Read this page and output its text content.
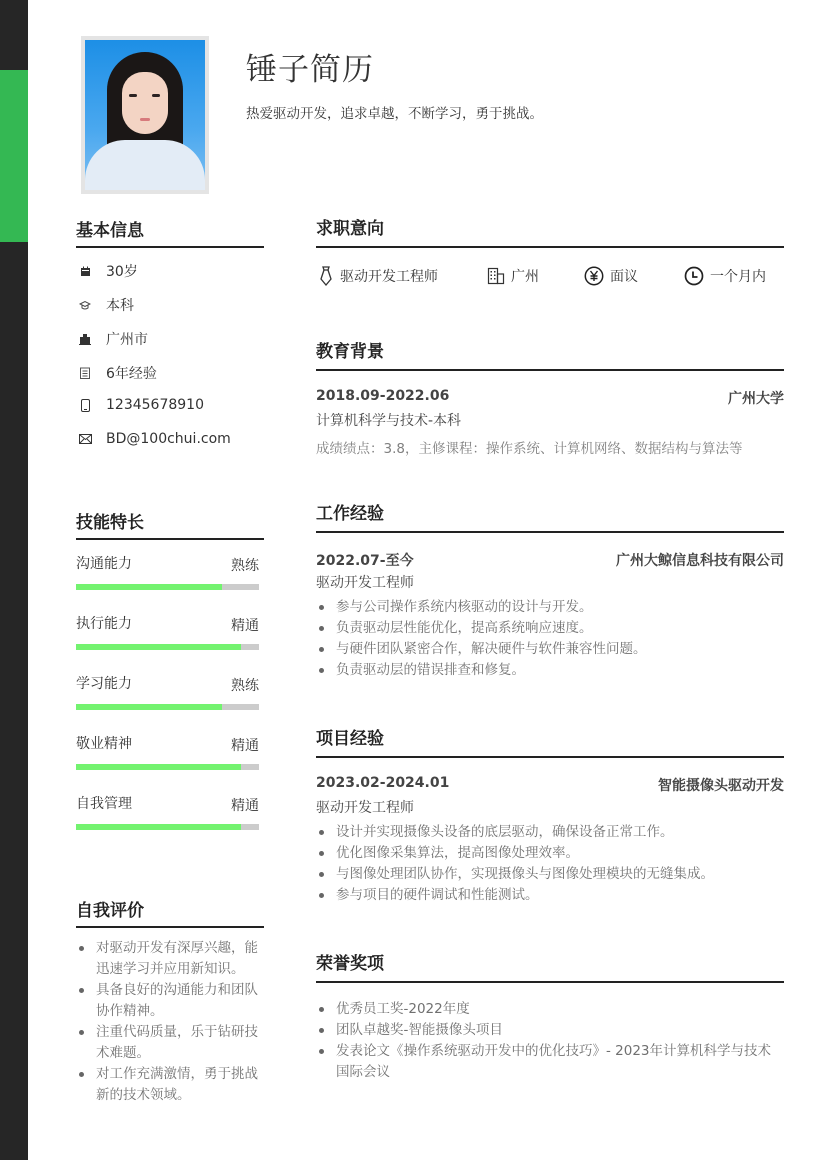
锤子简历
热爱驱动开发，追求卓越，不断学习，勇于挑战。
基本信息
30岁
本科
广州市
6年经验
12345678910
BD@100chui.com
技能特长
沟通能力	熟练
执行能力	精通
学习能力	熟练
敬业精神	精通
自我管理	精通
自我评价
对驱动开发有深厚兴趣，能迅速学习并应用新知识。
具备良好的沟通能力和团队协作精神。
注重代码质量，乐于钻研技术难题。
对工作充满激情，勇于挑战新的技术领域。
求职意向
驱动开发工程师	广州	面议	一个月内
教育背景
2018.09-2022.06	广州大学
计算机科学与技术-本科
成绩绩点：3.8，主修课程：操作系统、计算机网络、数据结构与算法等
工作经验
2022.07-至今	广州大鲸信息科技有限公司
驱动开发工程师
参与公司操作系统内核驱动的设计与开发。
负责驱动层性能优化，提高系统响应速度。
与硬件团队紧密合作，解决硬件与软件兼容性问题。
负责驱动层的错误排查和修复。
项目经验
2023.02-2024.01	智能摄像头驱动开发
驱动开发工程师
设计并实现摄像头设备的底层驱动，确保设备正常工作。
优化图像采集算法，提高图像处理效率。
与图像处理团队协作，实现摄像头与图像处理模块的无缝集成。
参与项目的硬件调试和性能测试。
荣誉奖项
优秀员工奖-2022年度
团队卓越奖-智能摄像头项目
发表论文《操作系统驱动开发中的优化技巧》- 2023年计算机科学与技术国际会议
